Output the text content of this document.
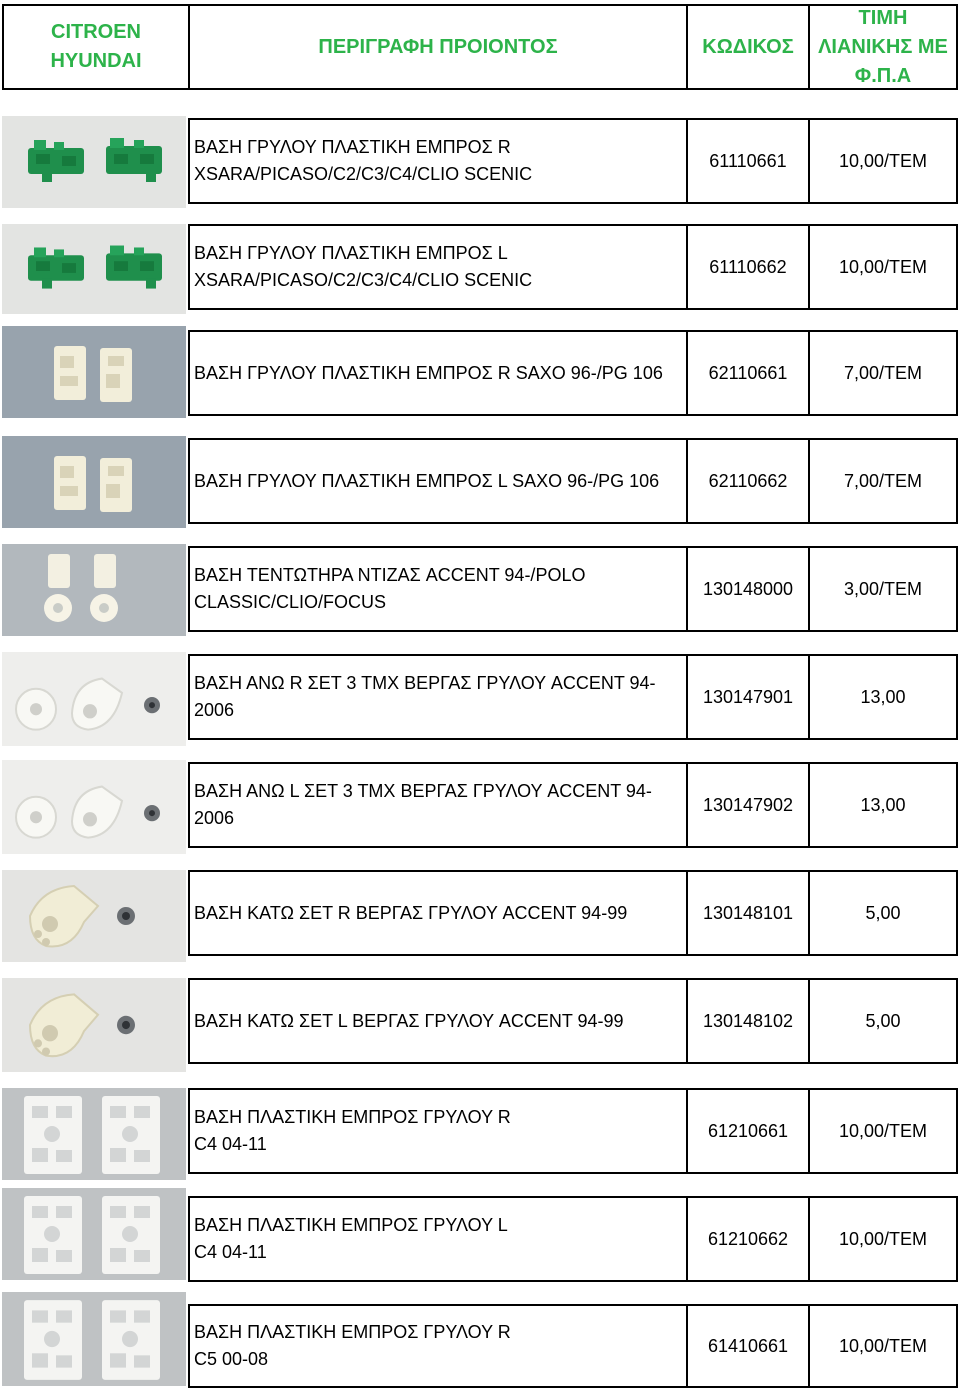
CITROEN
HYUNDAI
ΠΕΡΙΓΡΑΦΗ ΠΡΟΙΟΝΤΟΣ	ΚΩΔΙΚΟΣ
ΤΙΜΗ
ΛΙΑΝΙΚΗΣ ΜΕ
Φ.Π.Α
ΒΑΣΗ ΓΡΥΛΟΥ ΠΛΑΣΤΙΚΗ ΕΜΠΡΟΣ R
XSARA/PICASO/C2/C3/C4/CLIO SCENIC
61110661	10,00/TEM
ΒΑΣΗ ΓΡΥΛΟΥ ΠΛΑΣΤΙΚΗ ΕΜΠΡΟΣ L
XSARA/PICASO/C2/C3/C4/CLIO SCENIC
61110662	10,00/TEM
ΒΑΣΗ ΓΡΥΛΟΥ ΠΛΑΣΤΙΚΗ ΕΜΠΡΟΣ R SAXO 96-/PG 106	62110661	7,00/TEM
ΒΑΣΗ ΓΡΥΛΟΥ ΠΛΑΣΤΙΚΗ ΕΜΠΡΟΣ L SAXO 96-/PG 106	62110662	7,00/TEM
ΒΑΣΗ ΤΕΝΤΩΤΗΡΑ ΝΤΙΖΑΣ ACCENT 94-/POLO
CLASSIC/CLIO/FOCUS
130148000	3,00/TEM
ΒΑΣΗ ΑΝΩ R ΣΕΤ 3 ΤΜΧ ΒΕΡΓΑΣ ΓΡΥΛΟΥ ACCENT 94-
2006
130147901	13,00
ΒΑΣΗ ΑΝΩ L ΣΕΤ 3 ΤΜΧ ΒΕΡΓΑΣ ΓΡΥΛΟΥ ACCENT 94-
2006
130147902	13,00
ΒΑΣΗ ΚΑΤΩ ΣΕΤ R ΒΕΡΓΑΣ ΓΡΥΛΟΥ ACCENT 94-99	130148101	5,00
ΒΑΣΗ ΚΑΤΩ ΣΕΤ L ΒΕΡΓΑΣ ΓΡΥΛΟΥ ACCENT 94-99	130148102	5,00
ΒΑΣΗ ΠΛΑΣΤΙΚΗ ΕΜΠΡΟΣ ΓΡΥΛΟΥ R
C4 04-11
61210661	10,00/TEM
ΒΑΣΗ ΠΛΑΣΤΙΚΗ ΕΜΠΡΟΣ ΓΡΥΛΟΥ L
C4 04-11
61210662	10,00/TEM
ΒΑΣΗ ΠΛΑΣΤΙΚΗ ΕΜΠΡΟΣ ΓΡΥΛΟΥ R
C5 00-08
61410661	10,00/TEM
